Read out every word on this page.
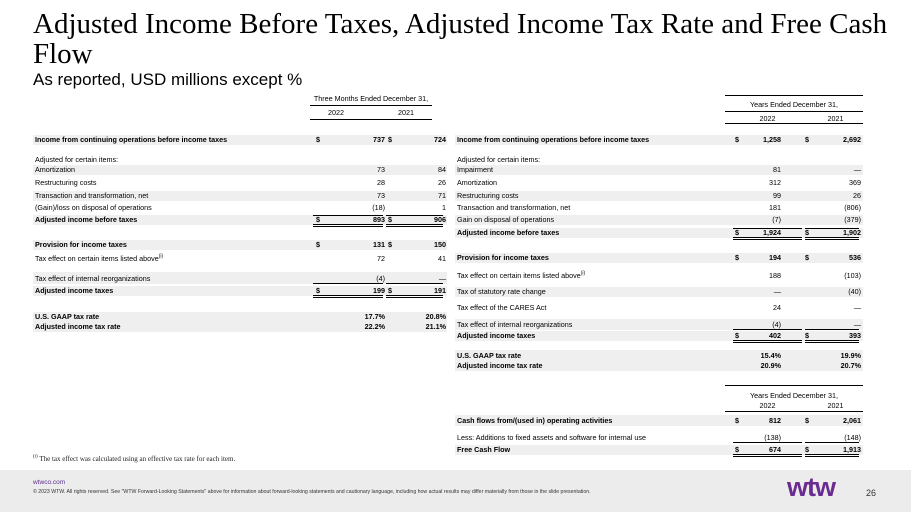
Adjusted Income Before Taxes, Adjusted Income Tax Rate and Free Cash Flow
As reported, USD millions except %
Three Months Ended December 31,
2022	2021
Income from continuing operations before income taxes	$	737 $	724
Adjusted for certain items:
Amortization	73	84
Restructuring costs	28	26
Transaction and transformation, net	73	71
(Gain)/loss on disposal of operations	(18)	1
Adjusted income before taxes	$	893 $	906
Provision for income taxes	$	131 $	150
Tax effect on certain items listed above$^{(i)}$	72	41
Tax effect of internal reorganizations	(4)	—
Adjusted income taxes	$	199 $	191
U.S. GAAP tax rate	17.7%	20.8%
Adjusted income tax rate	22.2%	21.1%
Years Ended December 31,
2022	2021
Income from continuing operations before income taxes	$	1,258	$	2,692
Adjusted for certain items:
Impairment	81	—
Amortization	312	369
Restructuring costs	99	26
Transaction and transformation, net	181	(806)
Gain on disposal of operations	(7)	(379)
Adjusted income before taxes	$	1,924	$	1,902
Provision for income taxes	$	194	$	536
Tax effect on certain items listed above$^{(i)}$	188	(103)
Tax of statutory rate change	—	(40)
Tax effect of the CARES Act	24	—
Tax effect of internal reorganizations	(4)	—
Adjusted income taxes	$	402	$	393
U.S. GAAP tax rate	15.4%	19.9%
Adjusted income tax rate	20.9%	20.7%
Years Ended December 31,
2022	2021
Cash flows from/(used in) operating activities	$	812	$	2,061
Less: Additions to fixed assets and software for internal use	(138)	(148)
Free Cash Flow	$	674	$	1,913
$^{(i)}$ The tax effect was calculated using an effective tax rate for each item.
wtwco.com
© 2023 WTW. All rights reserved. See "WTW Forward-Looking Statements" above for information about forward-looking statements and cautionary language, including how actual results may differ materially from those in the slide presentation.	wtw	26
